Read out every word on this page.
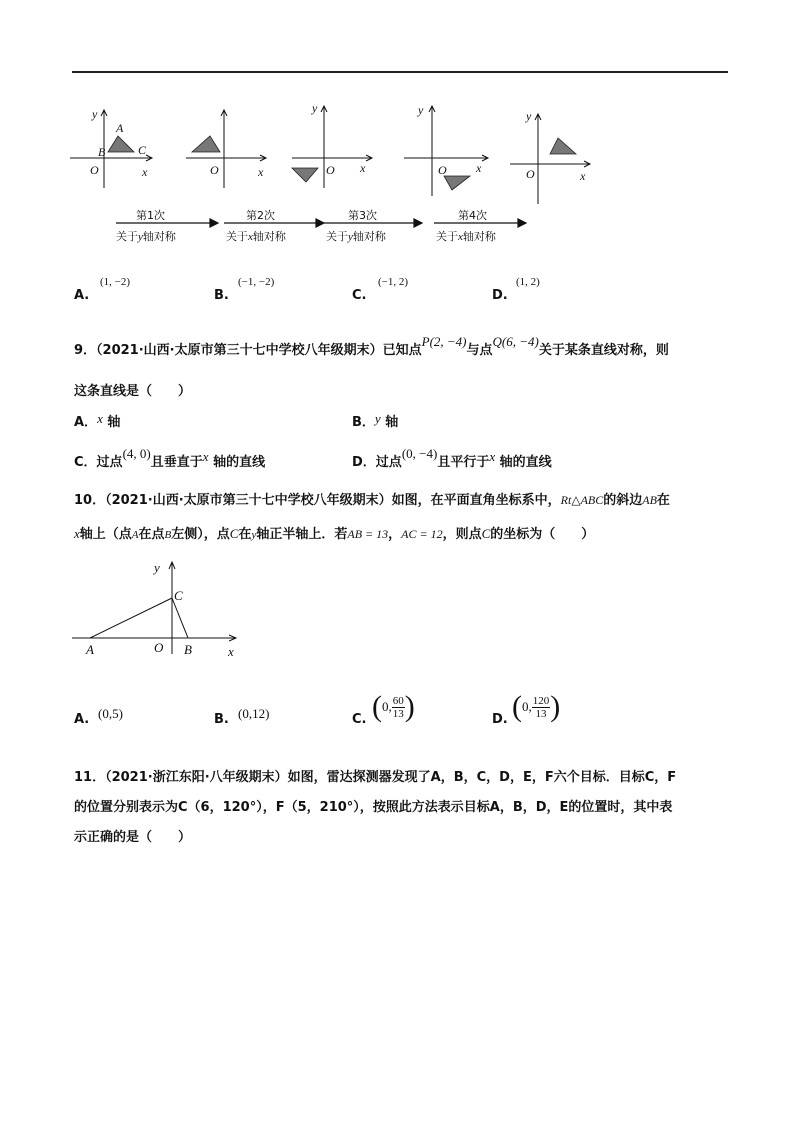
y
x
O
A
B	C
O	x
y
O x
y
O x
y
O	x
第1次
关于y轴对称
第2次
关于x轴对称
第3次
关于y轴对称
第4次
关于x轴对称
A.
(1, −2)
B.
(−1, −2)
C.
(−1, 2)
D.
(1, 2)
9．（2021·山西·太原市第三十七中学校八年级期末）已知点P(2, −4)与点Q(6, −4)关于某条直线对称，则
这条直线是（　　）
A．x 轴	B．y 轴
C．过点(4, 0)且垂直于x 轴的直线	D．过点(0, −4)且平行于x 轴的直线
10．（2021·山西·太原市第三十七中学校八年级期末）如图，在平面直角坐标系中，Rt△ABC的斜边AB在
x轴上（点A在点B左侧），点C在y轴正半轴上．若AB = 13，AC = 12，则点C的坐标为（　　）
y
x
A	O B
C
A. (0,5)	B. (0,12)	C. (0, $\frac{60}{13}$ )	D. (0, $\frac{120}{13}$ )
11．（2021·浙江东阳·八年级期末）如图，雷达探测器发现了A，B，C，D，E，F六个目标．目标C，F
的位置分别表示为C（6，120°），F（5，210°），按照此方法表示目标A，B，D，E的位置时，其中表
示正确的是（　　）
